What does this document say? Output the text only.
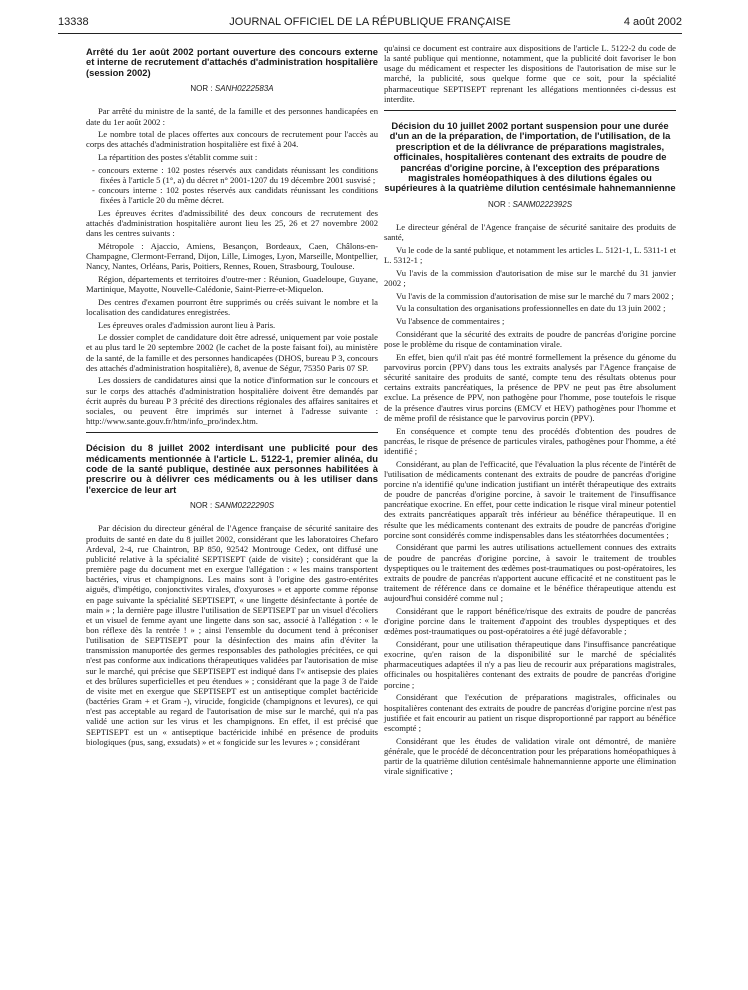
13338	JOURNAL OFFICIEL DE LA RÉPUBLIQUE FRANÇAISE	4 août 2002
Arrêté du 1er août 2002 portant ouverture des concours externe et interne de recrutement d'attachés d'administration hospitalière (session 2002)
NOR : SANH0222583A

Par arrêté du ministre de la santé, de la famille et des personnes handicapées en date du 1er août 2002 :

Le nombre total de places offertes aux concours de recrutement pour l'accès au corps des attachés d'administration hospitalière est fixé à 204.

La répartition des postes s'établit comme suit :

- concours externe : 102 postes réservés aux candidats réunissant les conditions fixées à l'article 5 (1°, a) du décret n° 2001-1207 du 19 décembre 2001 susvisé ;
- concours interne : 102 postes réservés aux candidats réunissant les conditions fixées à l'article 20 du même décret.

Les épreuves écrites d'admissibilité des deux concours de recrutement des attachés d'administration hospitalière auront lieu les 25, 26 et 27 novembre 2002 dans les centres suivants :

Métropole : Ajaccio, Amiens, Besançon, Bordeaux, Caen, Châlons-en-Champagne, Clermont-Ferrand, Dijon, Lille, Limoges, Lyon, Marseille, Montpellier, Nancy, Nantes, Orléans, Paris, Poitiers, Rennes, Rouen, Strasbourg, Toulouse.

Région, départements et territoires d'outre-mer : Réunion, Guadeloupe, Guyane, Martinique, Mayotte, Nouvelle-Calédonie, Saint-Pierre-et-Miquelon.

Des centres d'examen pourront être supprimés ou créés suivant le nombre et la localisation des candidatures enregistrées.

Les épreuves orales d'admission auront lieu à Paris.

Le dossier complet de candidature doit être adressé, uniquement par voie postale et au plus tard le 20 septembre 2002 (le cachet de la poste faisant foi), au ministère de la santé, de la famille et des personnes handicapées (DHOS, bureau P 3, concours des attachés d'administration hospitalière), 8, avenue de Ségur, 75350 Paris 07 SP.

Les dossiers de candidatures ainsi que la notice d'information sur le concours et sur le corps des attachés d'administration hospitalière doivent être demandés par écrit auprès du bureau P 3 précité des directions régionales des affaires sanitaires et sociales, ou peuvent être imprimés sur internet à l'adresse suivante : http://www.sante.gouv.fr/htm/info_pro/index.htm.

Décision du 8 juillet 2002 interdisant une publicité pour des médicaments mentionnée à l'article L. 5122-1, premier alinéa, du code de la santé publique, destinée aux personnes habilitées à prescrire ou à délivrer ces médicaments ou à les utiliser dans l'exercice de leur art
NOR : SANM0222290S

Par décision du directeur général de l'Agence française de sécurité sanitaire des produits de santé en date du 8 juillet 2002, considérant que les laboratoires Chefaro Ardeval, 2-4, rue Chaintron, BP 850, 92542 Montrouge Cedex, ont diffusé une publicité relative à la spécialité SEPTISEPT (aide de visite) ; considérant que la première page du document met en exergue l'allégation : « les mains transportent bactéries, virus et champignons. Les mains sont à l'origine des gastro-entérites aiguës, d'impétigo, conjonctivites virales, d'oxyuroses » et apporte comme réponse en page suivante la spécialité SEPTISEPT, « une lingette désinfectante à portée de main » ; la dernière page illustre l'utilisation de SEPTISEPT par un visuel d'écoliers et un visuel de femme ayant une lingette dans son sac, associé à l'allégation : « le bon réflexe dès la rentrée ! » ; ainsi l'ensemble du document tend à préconiser l'utilisation de SEPTISEPT pour la désinfection des mains afin d'éviter la transmission manuportée des germes responsables des pathologies précitées, ce qui n'est pas conforme aux indications thérapeutiques validées par l'autorisation de mise sur le marché, qui précise que SEPTISEPT est indiqué dans l'« antisepsie des plaies et des brûlures superficielles et peu étendues » ; considérant que la page 3 de l'aide de visite met en exergue que SEPTISEPT est un antiseptique complet bactéricide (bactéries Gram + et Gram -), virucide, fongicide (champignons et levures), ce qui n'est pas acceptable au regard de l'autorisation de mise sur le marché, qui n'a pas validé une action sur les virus et les champignons. En effet, il est précisé que SEPTISEPT est un « antiseptique bactéricide inhibé en présence de produits biologiques (pus, sang, exsudats) » et « fongicide sur les levures » ; considérant

qu'ainsi ce document est contraire aux dispositions de l'article L. 5122-2 du code de la santé publique qui mentionne, notamment, que la publicité doit favoriser le bon usage du médicament et respecter les dispositions de l'autorisation de mise sur le marché, la publicité, sous quelque forme que ce soit, pour la spécialité pharmaceutique SEPTISEPT reprenant les allégations mentionnées ci-dessus est interdite.

Décision du 10 juillet 2002 portant suspension pour une durée d'un an de la préparation, de l'importation, de l'utilisation, de la prescription et de la délivrance de préparations magistrales, officinales, hospitalières contenant des extraits de poudre de pancréas d'origine porcine, à l'exception des préparations magistrales homéopathiques à des dilutions égales ou supérieures à la quatrième dilution centésimale hahnemannienne
NOR : SANM0222392S

Le directeur général de l'Agence française de sécurité sanitaire des produits de santé,

Vu le code de la santé publique, et notamment les articles L. 5121-1, L. 5311-1 et L. 5312-1 ;

Vu l'avis de la commission d'autorisation de mise sur le marché du 31 janvier 2002 ;

Vu l'avis de la commission d'autorisation de mise sur le marché du 7 mars 2002 ;

Vu la consultation des organisations professionnelles en date du 13 juin 2002 ;

Vu l'absence de commentaires ;

Considérant que la sécurité des extraits de poudre de pancréas d'origine porcine pose le problème du risque de contamination virale.

En effet, bien qu'il n'ait pas été montré formellement la présence du génome du parvovirus porcin (PPV) dans tous les extraits analysés par l'Agence française de sécurité sanitaire des produits de santé, compte tenu des résultats obtenus pour certains extraits pancréatiques, la présence de PPV ne peut pas être absolument exclue. La présence de PPV, non pathogène pour l'homme, pose toutefois le risque de la présence d'autres virus porcins (EMCV et HEV) pathogènes pour l'homme et de même profil de résistance que le parvovirus porcin (PPV).

En conséquence et compte tenu des procédés d'obtention des poudres de pancréas, le risque de présence de particules virales, pathogènes pour l'homme, a été identifié ;

Considérant, au plan de l'efficacité, que l'évaluation la plus récente de l'intérêt de l'utilisation de médicaments contenant des extraits de poudre de pancréas d'origine porcine n'a identifié qu'une indication justifiant un intérêt thérapeutique des extraits de poudre de pancréas d'origine porcine, à savoir le traitement de l'insuffisance pancréatique exocrine. En effet, pour cette indication le risque viral mineur potentiel des extraits pancréatiques apparaît très inférieur au bénéfice thérapeutique. Il en résulte que les médicaments contenant des extraits de poudre de pancréas d'origine porcine sont considérés comme indispensables dans les stéatorrhées documentées ;

Considérant que parmi les autres utilisations actuellement connues des extraits de poudre de pancréas d'origine porcine, à savoir le traitement de troubles dyspeptiques ou le traitement des œdèmes post-traumatiques ou post-opératoires, les extraits de poudre de pancréas n'apportent aucune efficacité et ne constituent pas le traitement de référence dans ce domaine et le bénéfice thérapeutique attendu est aujourd'hui considéré comme nul ;

Considérant que le rapport bénéfice/risque des extraits de poudre de pancréas d'origine porcine dans le traitement d'appoint des troubles dyspeptiques et des œdèmes post-traumatiques ou post-opératoires a été jugé défavorable ;

Considérant, pour une utilisation thérapeutique dans l'insuffisance pancréatique exocrine, qu'en raison de la disponibilité sur le marché de spécialités pharmaceutiques adaptées il n'y a pas lieu de recourir aux préparations magistrales, officinales ou hospitalières contenant des extraits de poudre de pancréas d'origine porcine ;

Considérant que l'exécution de préparations magistrales, officinales ou hospitalières contenant des extraits de poudre de pancréas d'origine porcine n'est pas justifiée et fait encourir au patient un risque disproportionné par rapport au bénéfice escompté ;

Considérant que les études de validation virale ont démontré, de manière générale, que le procédé de déconcentration pour les préparations homéopathiques à partir de la quatrième dilution centésimale hahnemannienne apporte une élimination virale significative ;
